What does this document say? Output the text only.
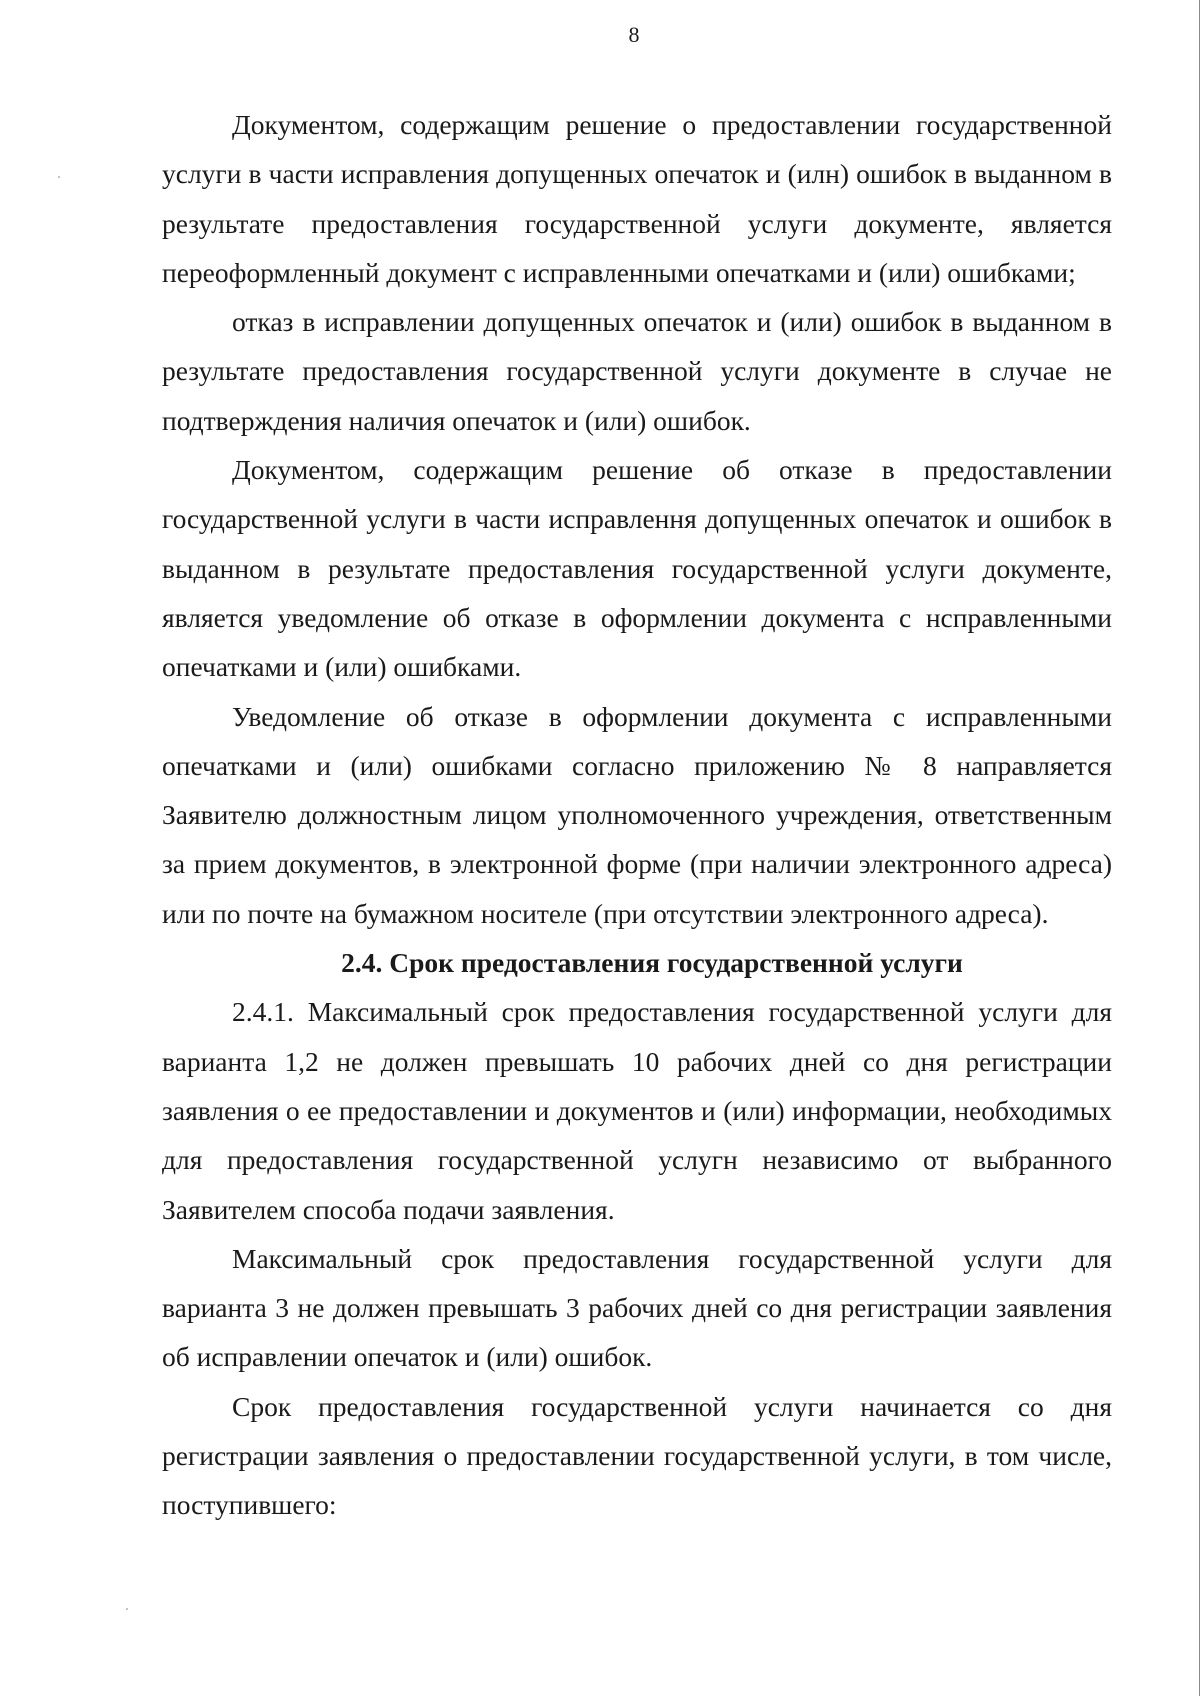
8

Документом, содержащим решение о предоставлении государственной услуги в части исправления допущенных опечаток и (илн) ошибок в выданном в результате предоставления государственной услуги документе, является переоформленный документ с исправленными опечатками и (или) ошибками;

отказ в исправлении допущенных опечаток и (или) ошибок в выданном в результате предоставления государственной услуги документе в случае не подтверждения наличия опечаток и (или) ошибок.

Документом, содержащим решение об отказе в предоставлении государственной услуги в части исправлення допущенных опечаток и ошибок в выданном в результате предоставления государственной услуги документе, является уведомление об отказе в оформлении документа с нсправленными опечатками и (или) ошибками.

Уведомление об отказе в оформлении документа с исправленными опечатками и (или) ошибками согласно приложению № 8 направляется Заявителю должностным лицом уполномоченного учреждения, ответственным за прием документов, в электронной форме (при наличии электронного адреса) или по почте на бумажном носителе (при отсутствии электронного адреса).

2.4. Срок предоставления государственной услуги

2.4.1. Максимальный срок предоставления государственной услуги для варианта 1,2 не должен превышать 10 рабочих дней со дня регистрации заявления о ее предоставлении и документов и (или) информации, необходимых для предоставления государственной услугн независимо от выбранного Заявителем способа подачи заявления.

Максимальный срок предоставления государственной услуги для варианта 3 не должен превышать 3 рабочих дней со дня регистрации заявления об исправлении опечаток и (или) ошибок.

Срок предоставления государственной услуги начинается со дня регистрации заявления о предоставлении государственной услуги, в том числе, поступившего:
